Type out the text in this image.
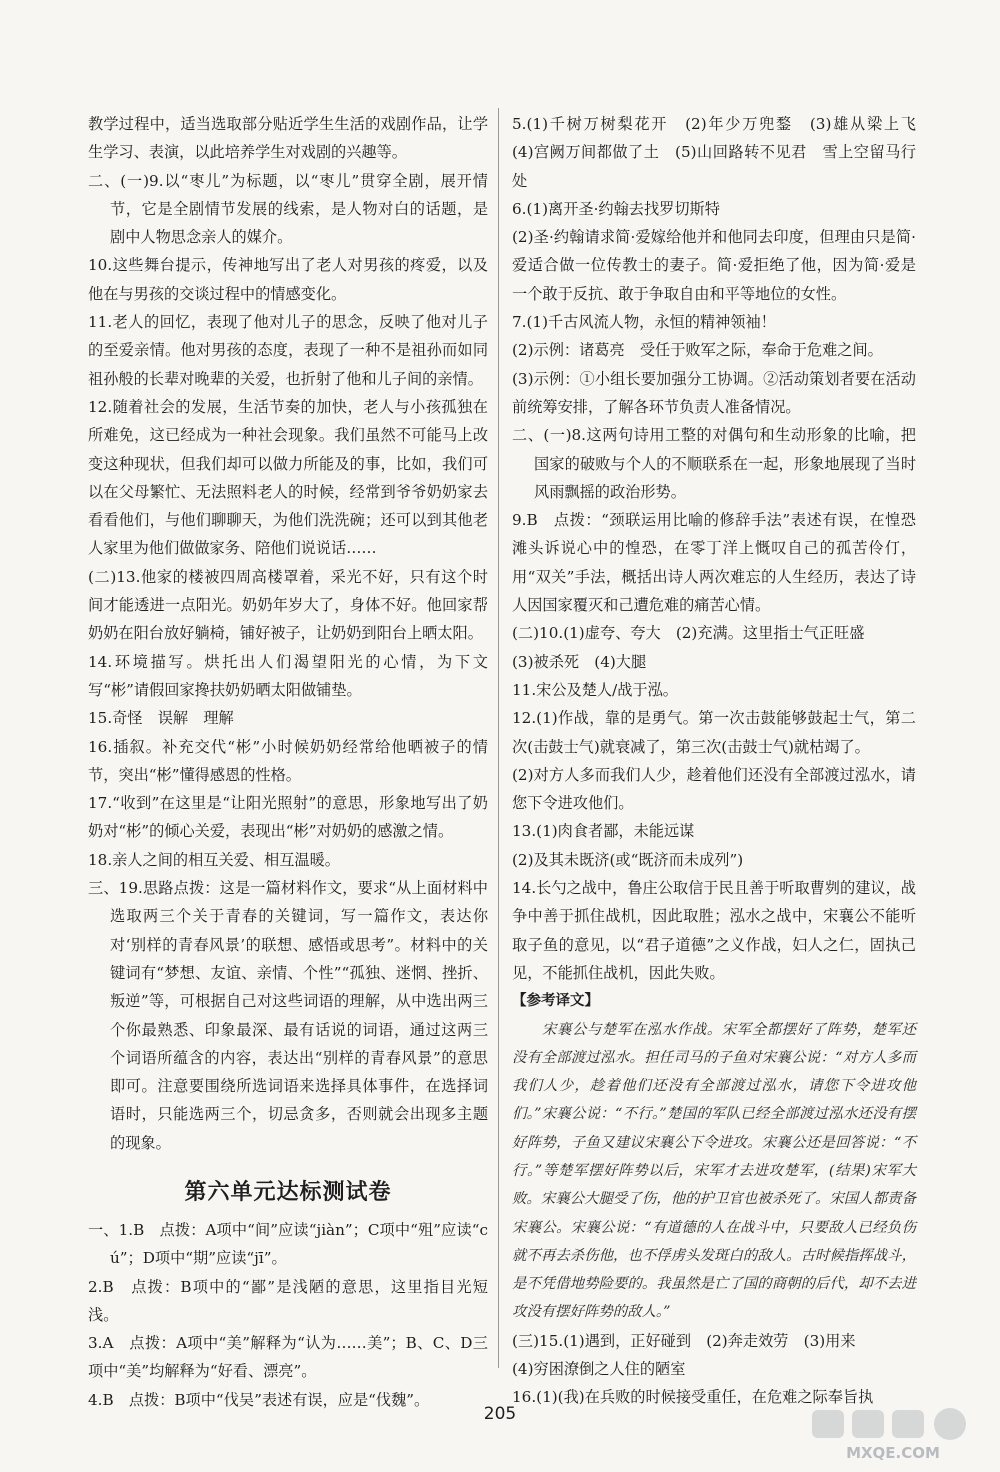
教学过程中，适当选取部分贴近学生生活的戏剧作品，让学生学习、表演，以此培养学生对戏剧的兴趣等。

二、(一)9.以“枣儿”为标题，以“枣儿”贯穿全剧，展开情节，它是全剧情节发展的线索，是人物对白的话题，是剧中人物思念亲人的媒介。

10.这些舞台提示，传神地写出了老人对男孩的疼爱，以及他在与男孩的交谈过程中的情感变化。

11.老人的回忆，表现了他对儿子的思念，反映了他对儿子的至爱亲情。他对男孩的态度，表现了一种不是祖孙而如同祖孙般的长辈对晚辈的关爱，也折射了他和儿子间的亲情。

12.随着社会的发展，生活节奏的加快，老人与小孩孤独在所难免，这已经成为一种社会现象。我们虽然不可能马上改变这种现状，但我们却可以做力所能及的事，比如，我们可以在父母繁忙、无法照料老人的时候，经常到爷爷奶奶家去看看他们，与他们聊聊天，为他们洗洗碗；还可以到其他老人家里为他们做做家务、陪他们说说话……

(二)13.他家的楼被四周高楼罩着，采光不好，只有这个时间才能透进一点阳光。奶奶年岁大了，身体不好。他回家帮奶奶在阳台放好躺椅，铺好被子，让奶奶到阳台上晒太阳。

14.环境描写。烘托出人们渴望阳光的心情，为下文写“彬”请假回家搀扶奶奶晒太阳做铺垫。

15.奇怪　误解　理解

16.插叙。补充交代“彬”小时候奶奶经常给他晒被子的情节，突出“彬”懂得感恩的性格。

17.“收到”在这里是“让阳光照射”的意思，形象地写出了奶奶对“彬”的倾心关爱，表现出“彬”对奶奶的感激之情。

18.亲人之间的相互关爱、相互温暖。

三、19.思路点拨：这是一篇材料作文，要求“从上面材料中选取两三个关于青春的关键词，写一篇作文，表达你对‘别样的青春风景’的联想、感悟或思考”。材料中的关键词有“梦想、友谊、亲情、个性”“孤独、迷惘、挫折、叛逆”等，可根据自己对这些词语的理解，从中选出两三个你最熟悉、印象最深、最有话说的词语，通过这两三个词语所蕴含的内容，表达出“别样的青春风景”的意思即可。注意要围绕所选词语来选择具体事件，在选择词语时，只能选两三个，切忌贪多，否则就会出现多主题的现象。

第六单元达标测试卷

一、1.B　点拨：A项中“间”应读“jiàn”；C项中“殂”应读“cú”；D项中“期”应读“jī”。

2.B　点拨：B项中的“鄙”是浅陋的意思，这里指目光短浅。

3.A　点拨：A项中“美”解释为“认为……美”；B、C、D三项中“美”均解释为“好看、漂亮”。

4.B　点拨：B项中“伐吴”表述有误，应是“伐魏”。

5.(1)千树万树梨花开　(2)年少万兜鍪　(3)雄从梁上飞　(4)宫阙万间都做了土　(5)山回路转不见君　雪上空留马行处

6.(1)离开圣·约翰去找罗切斯特

(2)圣·约翰请求简·爱嫁给他并和他同去印度，但理由只是简·爱适合做一位传教士的妻子。简·爱拒绝了他，因为简·爱是一个敢于反抗、敢于争取自由和平等地位的女性。

7.(1)千古风流人物，永恒的精神领袖！

(2)示例：诸葛亮　受任于败军之际，奉命于危难之间。

(3)示例：①小组长要加强分工协调。②活动策划者要在活动前统筹安排，了解各环节负责人准备情况。

二、(一)8.这两句诗用工整的对偶句和生动形象的比喻，把国家的破败与个人的不顺联系在一起，形象地展现了当时风雨飘摇的政治形势。

9.B　点拨：“颈联运用比喻的修辞手法”表述有误，在惶恐滩头诉说心中的惶恐，在零丁洋上慨叹自己的孤苦伶仃，用“双关”手法，概括出诗人两次难忘的人生经历，表达了诗人因国家覆灭和己遭危难的痛苦心情。

(二)10.(1)虚夸、夸大　(2)充满。这里指士气正旺盛

(3)被杀死　(4)大腿

11.宋公及楚人/战于泓。

12.(1)作战，靠的是勇气。第一次击鼓能够鼓起士气，第二次(击鼓士气)就衰减了，第三次(击鼓士气)就枯竭了。

(2)对方人多而我们人少，趁着他们还没有全部渡过泓水，请您下令进攻他们。

13.(1)肉食者鄙，未能远谋

(2)及其未既济(或“既济而未成列”)

14.长勺之战中，鲁庄公取信于民且善于听取曹刿的建议，战争中善于抓住战机，因此取胜；泓水之战中，宋襄公不能听取子鱼的意见，以“君子道德”之义作战，妇人之仁，固执己见，不能抓住战机，因此失败。

【参考译文】

宋襄公与楚军在泓水作战。宋军全都摆好了阵势，楚军还没有全部渡过泓水。担任司马的子鱼对宋襄公说：“对方人多而我们人少，趁着他们还没有全部渡过泓水，请您下令进攻他们。”宋襄公说：“不行。”楚国的军队已经全部渡过泓水还没有摆好阵势，子鱼又建议宋襄公下令进攻。宋襄公还是回答说：“不行。”等楚军摆好阵势以后，宋军才去进攻楚军，(结果)宋军大败。宋襄公大腿受了伤，他的护卫官也被杀死了。宋国人都责备宋襄公。宋襄公说：“有道德的人在战斗中，只要敌人已经负伤就不再去杀伤他，也不俘虏头发斑白的敌人。古时候指挥战斗，是不凭借地势险要的。我虽然是亡了国的商朝的后代，却不去进攻没有摆好阵势的敌人。”

(三)15.(1)遇到，正好碰到　(2)奔走效劳　(3)用来

(4)穷困潦倒之人住的陋室

16.(1)(我)在兵败的时候接受重任，在危难之际奉旨执

205
MXQE.COM
